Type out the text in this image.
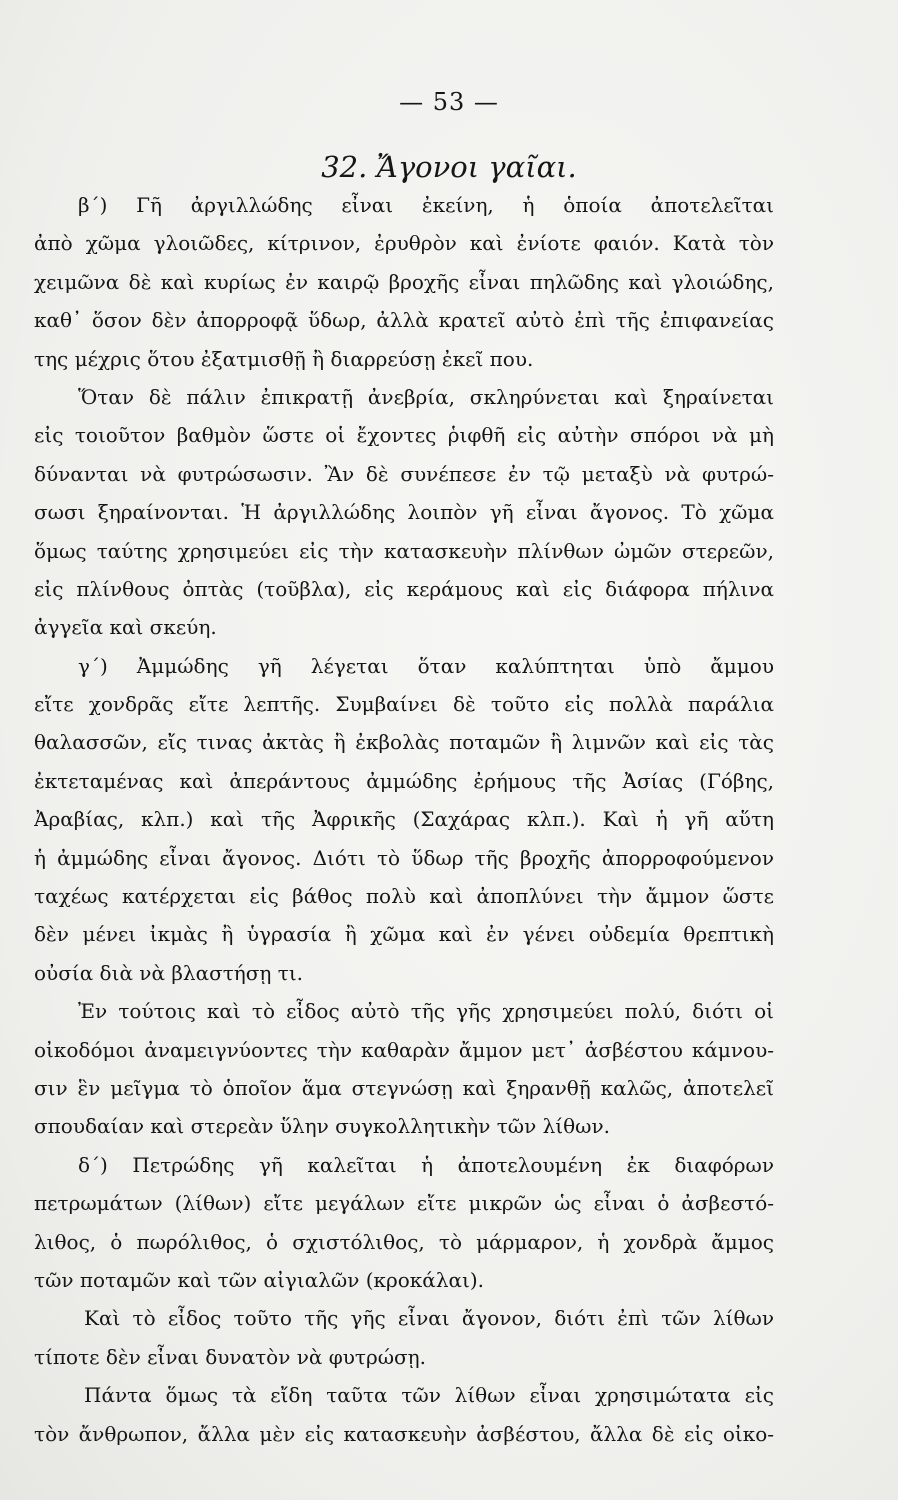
— 53 —
32. Ἄγονοι γαῖαι.
β΄) Γῆ ἀργιλλώδης εἶναι ἐκείνη, ἡ ὁποία ἀποτελεῖται
ἀπὸ χῶμα γλοιῶδες, κίτρινον, ἐρυθρὸν καὶ ἐνίοτε φαιόν. Κατὰ τὸν
χειμῶνα δὲ καὶ κυρίως ἐν καιρῷ βροχῆς εἶναι πηλῶδης καὶ γλοιώδης,
καθ᾽ ὅσον δὲν ἀπορροφᾷ ὕδωρ, ἀλλὰ κρατεῖ αὐτὸ ἐπὶ τῆς ἐπιφανείας
της μέχρις ὅτου ἐξατμισθῇ ἢ διαρρεύσῃ ἐκεῖ που.
Ὅταν δὲ πάλιν ἐπικρατῇ ἀνεβρία, σκληρύνεται καὶ ξηραίνεται
εἰς τοιοῦτον βαθμὸν ὥστε οἱ ἔχοντες ῥιφθῆ εἰς αὐτὴν σπόροι νὰ μὴ
δύνανται νὰ φυτρώσωσιν. Ἂν δὲ συνέπεσε ἐν τῷ μεταξὺ νὰ φυτρώ-
σωσι ξηραίνονται. Ἡ ἀργιλλώδης λοιπὸν γῆ εἶναι ἄγονος. Τὸ χῶμα
ὅμως ταύτης χρησιμεύει εἰς τὴν κατασκευὴν πλίνθων ὠμῶν στερεῶν,
εἰς πλίνθους ὀπτὰς (τοῦβλα), εἰς κεράμους καὶ εἰς διάφορα πήλινα
ἀγγεῖα καὶ σκεύη.
γ΄) Ἀμμώδης γῆ λέγεται ὅταν καλύπτηται ὑπὸ ἄμμου
εἴτε χονδρᾶς εἴτε λεπτῆς. Συμβαίνει δὲ τοῦτο εἰς πολλὰ παράλια
θαλασσῶν, εἴς τινας ἀκτὰς ἢ ἐκβολὰς ποταμῶν ἢ λιμνῶν καὶ εἰς τὰς
ἐκτεταμένας καὶ ἀπεράντους ἀμμώδης ἐρήμους τῆς Ἀσίας (Γόβης,
Ἀραβίας, κλπ.) καὶ τῆς Ἀφρικῆς (Σαχάρας κλπ.). Καὶ ἡ γῆ αὕτη
ἡ ἀμμώδης εἶναι ἄγονος. Διότι τὸ ὕδωρ τῆς βροχῆς ἀπορροφούμενον
ταχέως κατέρχεται εἰς βάθος πολὺ καὶ ἀποπλύνει τὴν ἄμμον ὥστε
δὲν μένει ἰκμὰς ἢ ὑγρασία ἢ χῶμα καὶ ἐν γένει οὐδεμία θρεπτικὴ
οὐσία διὰ νὰ βλαστήσῃ τι.
Ἐν τούτοις καὶ τὸ εἶδος αὐτὸ τῆς γῆς χρησιμεύει πολύ, διότι οἱ
οἰκοδόμοι ἀναμειγνύοντες τὴν καθαρὰν ἄμμον μετ᾽ ἀσβέστου κάμνου-
σιν ἓν μεῖγμα τὸ ὁποῖον ἅμα στεγνώσῃ καὶ ξηρανθῇ καλῶς, ἀποτελεῖ
σπουδαίαν καὶ στερεὰν ὕλην συγκολλητικὴν τῶν λίθων.
δ΄) Πετρώδης γῆ καλεῖται ἡ ἀποτελουμένη ἐκ διαφόρων
πετρωμάτων (λίθων) εἴτε μεγάλων εἴτε μικρῶν ὡς εἶναι ὁ ἀσβεστό-
λιθος, ὁ πωρόλιθος, ὁ σχιστόλιθος, τὸ μάρμαρον, ἡ χονδρὰ ἄμμος
τῶν ποταμῶν καὶ τῶν αἰγιαλῶν (κροκάλαι).
Καὶ τὸ εἶδος τοῦτο τῆς γῆς εἶναι ἄγονον, διότι ἐπὶ τῶν λίθων
τίποτε δὲν εἶναι δυνατὸν νὰ φυτρώσῃ.
Πάντα ὅμως τὰ εἴδη ταῦτα τῶν λίθων εἶναι χρησιμώτατα εἰς
τὸν ἄνθρωπον, ἄλλα μὲν εἰς κατασκευὴν ἀσβέστου, ἄλλα δὲ εἰς οἰκο-
